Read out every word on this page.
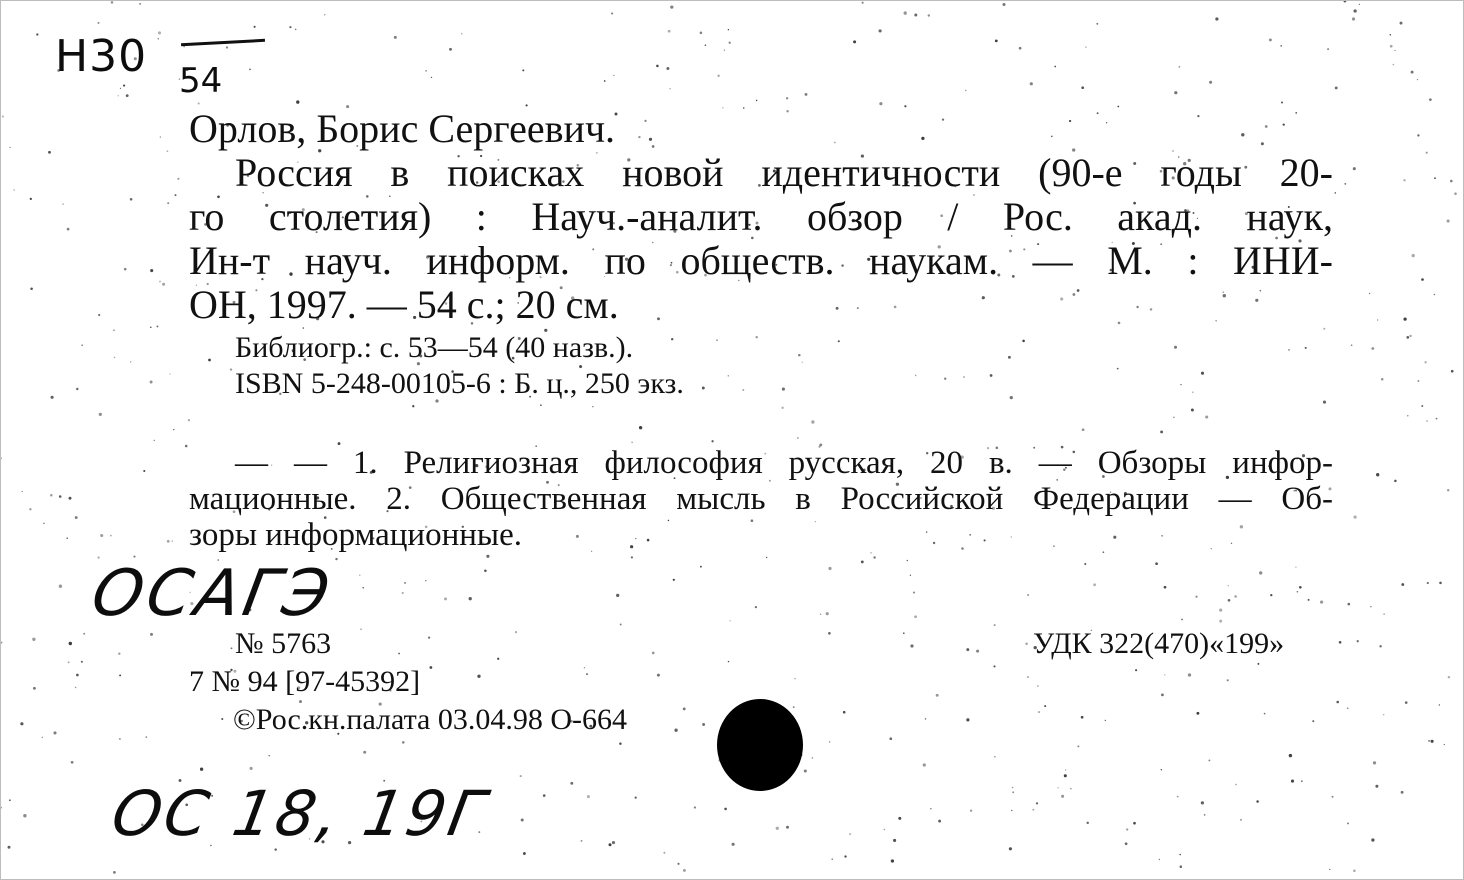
Н30 54
Орлов, Борис Сергеевич.
Россия в поисках новой идентичности (90-е годы 20-
го столетия) : Науч.-аналит. обзор / Рос. акад. наук,
Ин-т науч. информ. по обществ. наукам. — М. : ИНИ-
ОН, 1997. — 54 с.; 20 см.
Библиогр.: с. 53—54 (40 назв.).
ISBN 5-248-00105-6 : Б. ц., 250 экз.
— — 1. Религиозная философия русская, 20 в. — Обзоры инфор-
мационные. 2. Общественная мысль в Российской Федерации — Об-
зоры информационные.
ОСАГЭ
№ 5763	УДК 322(470)«199»
7 № 94 [97-45392]
©Рос.кн.палата 03.04.98 О-664
ОС 18, 19Г
